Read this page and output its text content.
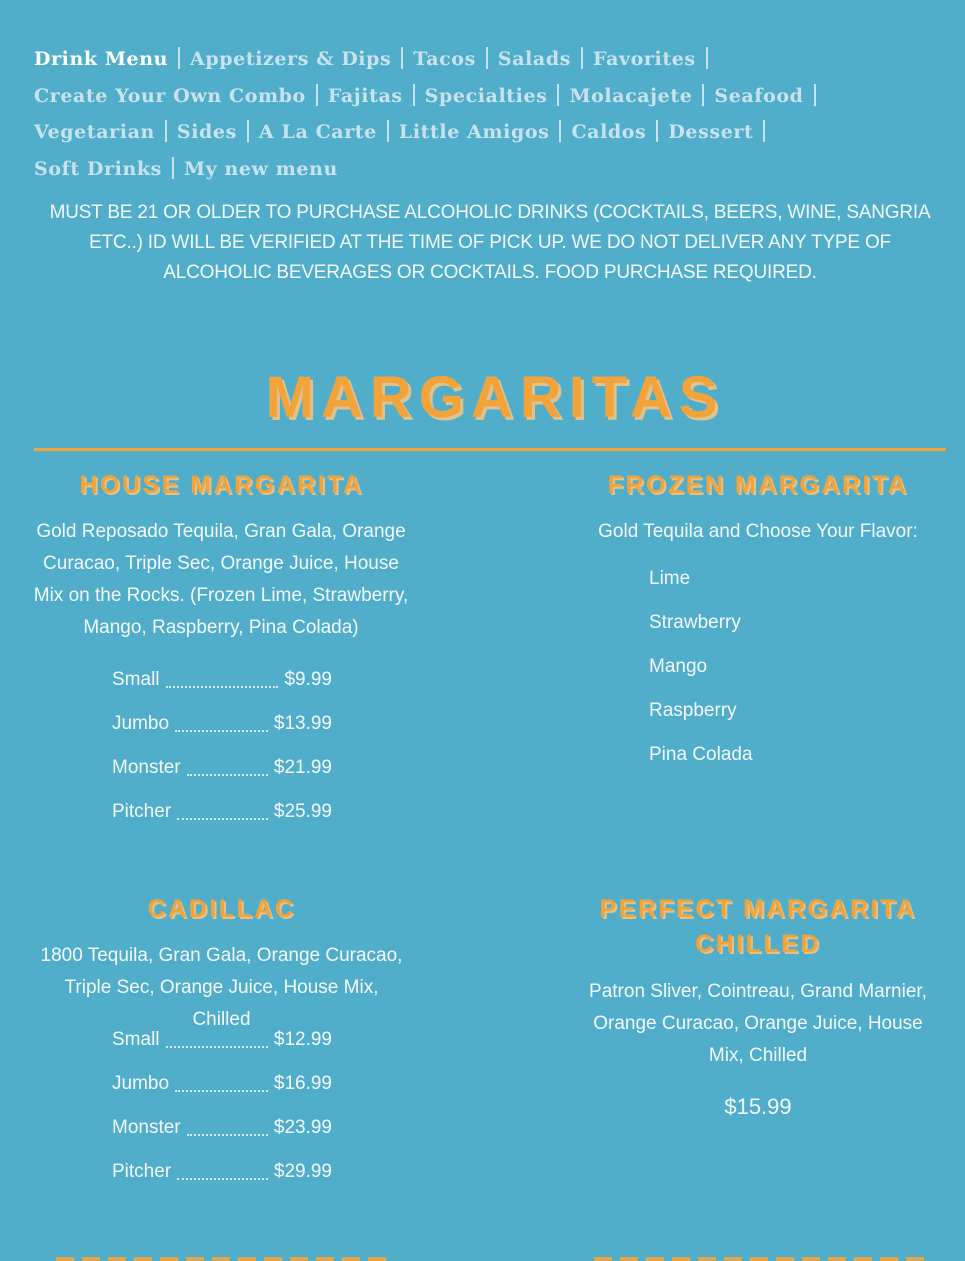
Drink Menu Appetizers & Dips Tacos Salads Favorites
Create Your Own Combo Fajitas Specialties Molacajete Seafood
Vegetarian Sides A La Carte Little Amigos Caldos Dessert
Soft Drinks My new menu
MUST BE 21 OR OLDER TO PURCHASE ALCOHOLIC DRINKS (COCKTAILS, BEERS, WINE, SANGRIA ETC..) ID WILL BE VERIFIED AT THE TIME OF PICK UP. WE DO NOT DELIVER ANY TYPE OF ALCOHOLIC BEVERAGES OR COCKTAILS. FOOD PURCHASE REQUIRED.
MARGARITAS
HOUSE MARGARITA
Gold Reposado Tequila, Gran Gala, Orange Curacao, Triple Sec, Orange Juice, House Mix on the Rocks. (Frozen Lime, Strawberry, Mango, Raspberry, Pina Colada)
Small	$9.99
Jumbo	$13.99
Monster	$21.99
Pitcher	$25.99
FROZEN MARGARITA
Gold Tequila and Choose Your Flavor:
Lime
Strawberry
Mango
Raspberry
Pina Colada
CADILLAC
1800 Tequila, Gran Gala, Orange Curacao, Triple Sec, Orange Juice, House Mix, Chilled
Small	$12.99
Jumbo	$16.99
Monster	$23.99
Pitcher	$29.99
PERFECT MARGARITA CHILLED
Patron Sliver, Cointreau, Grand Marnier, Orange Curacao, Orange Juice, House Mix, Chilled
$15.99
